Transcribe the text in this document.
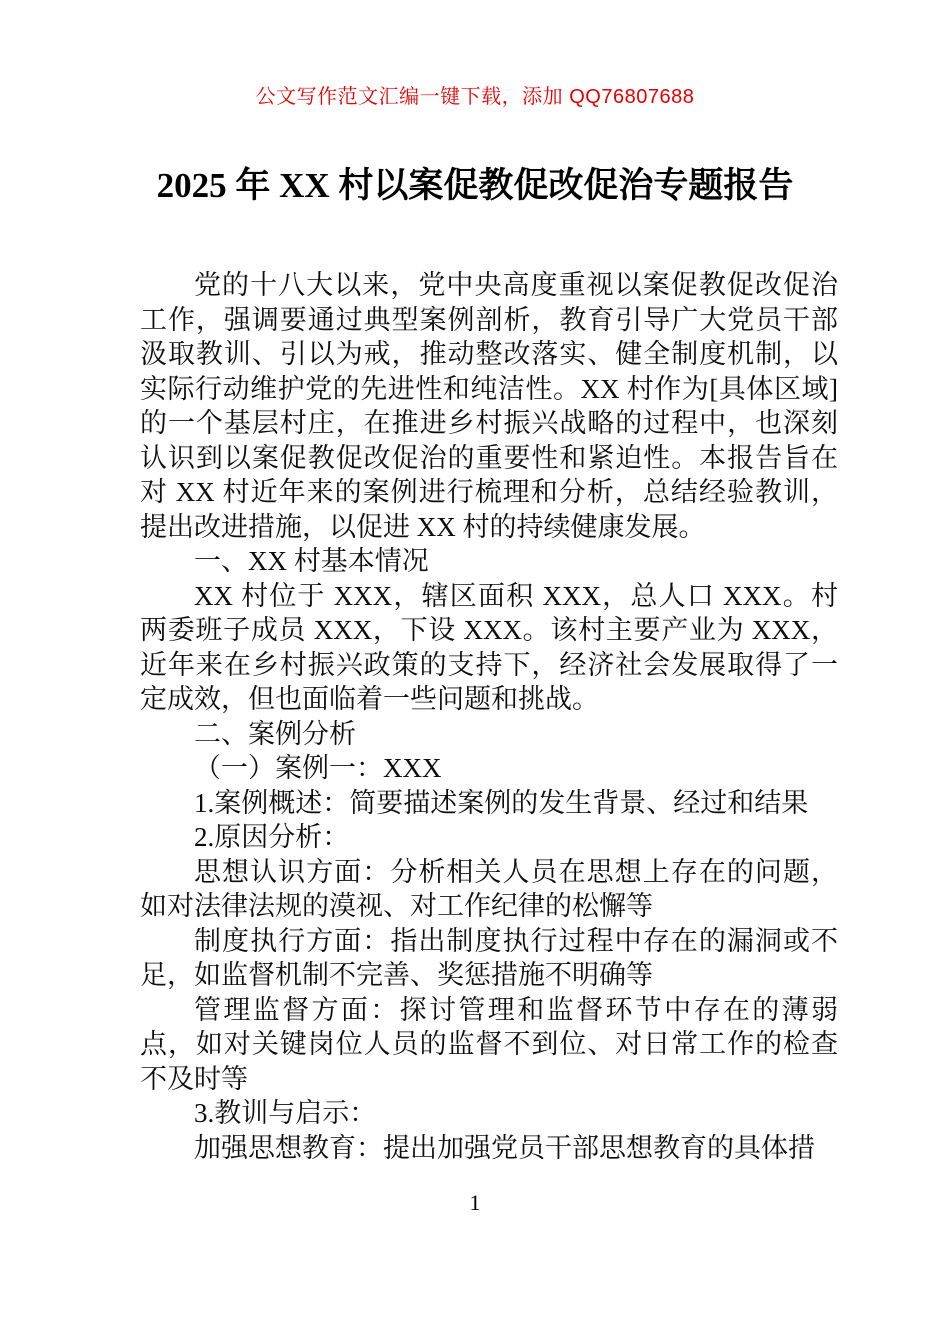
公文写作范文汇编一键下载，添加 QQ76807688
2025 年 XX 村以案促教促改促治专题报告

党的十八大以来，党中央高度重视以案促教促改促治工作，强调要通过典型案例剖析，教育引导广大党员干部汲取教训、引以为戒，推动整改落实、健全制度机制，以实际行动维护党的先进性和纯洁性。XX 村作为[具体区域]的一个基层村庄，在推进乡村振兴战略的过程中，也深刻认识到以案促教促改促治的重要性和紧迫性。本报告旨在对 XX 村近年来的案例进行梳理和分析，总结经验教训，提出改进措施，以促进 XX 村的持续健康发展。

一、XX 村基本情况

XX 村位于 XXX，辖区面积 XXX，总人口 XXX。村两委班子成员 XXX，下设 XXX。该村主要产业为 XXX，近年来在乡村振兴政策的支持下，经济社会发展取得了一定成效，但也面临着一些问题和挑战。

二、案例分析

（一）案例一：XXX

1.案例概述：简要描述案例的发生背景、经过和结果

2.原因分析：

思想认识方面：分析相关人员在思想上存在的问题，如对法律法规的漠视、对工作纪律的松懈等

制度执行方面：指出制度执行过程中存在的漏洞或不足，如监督机制不完善、奖惩措施不明确等

管理监督方面：探讨管理和监督环节中存在的薄弱点，如对关键岗位人员的监督不到位、对日常工作的检查不及时等

3.教训与启示：

加强思想教育：提出加强党员干部思想教育的具体措

1
